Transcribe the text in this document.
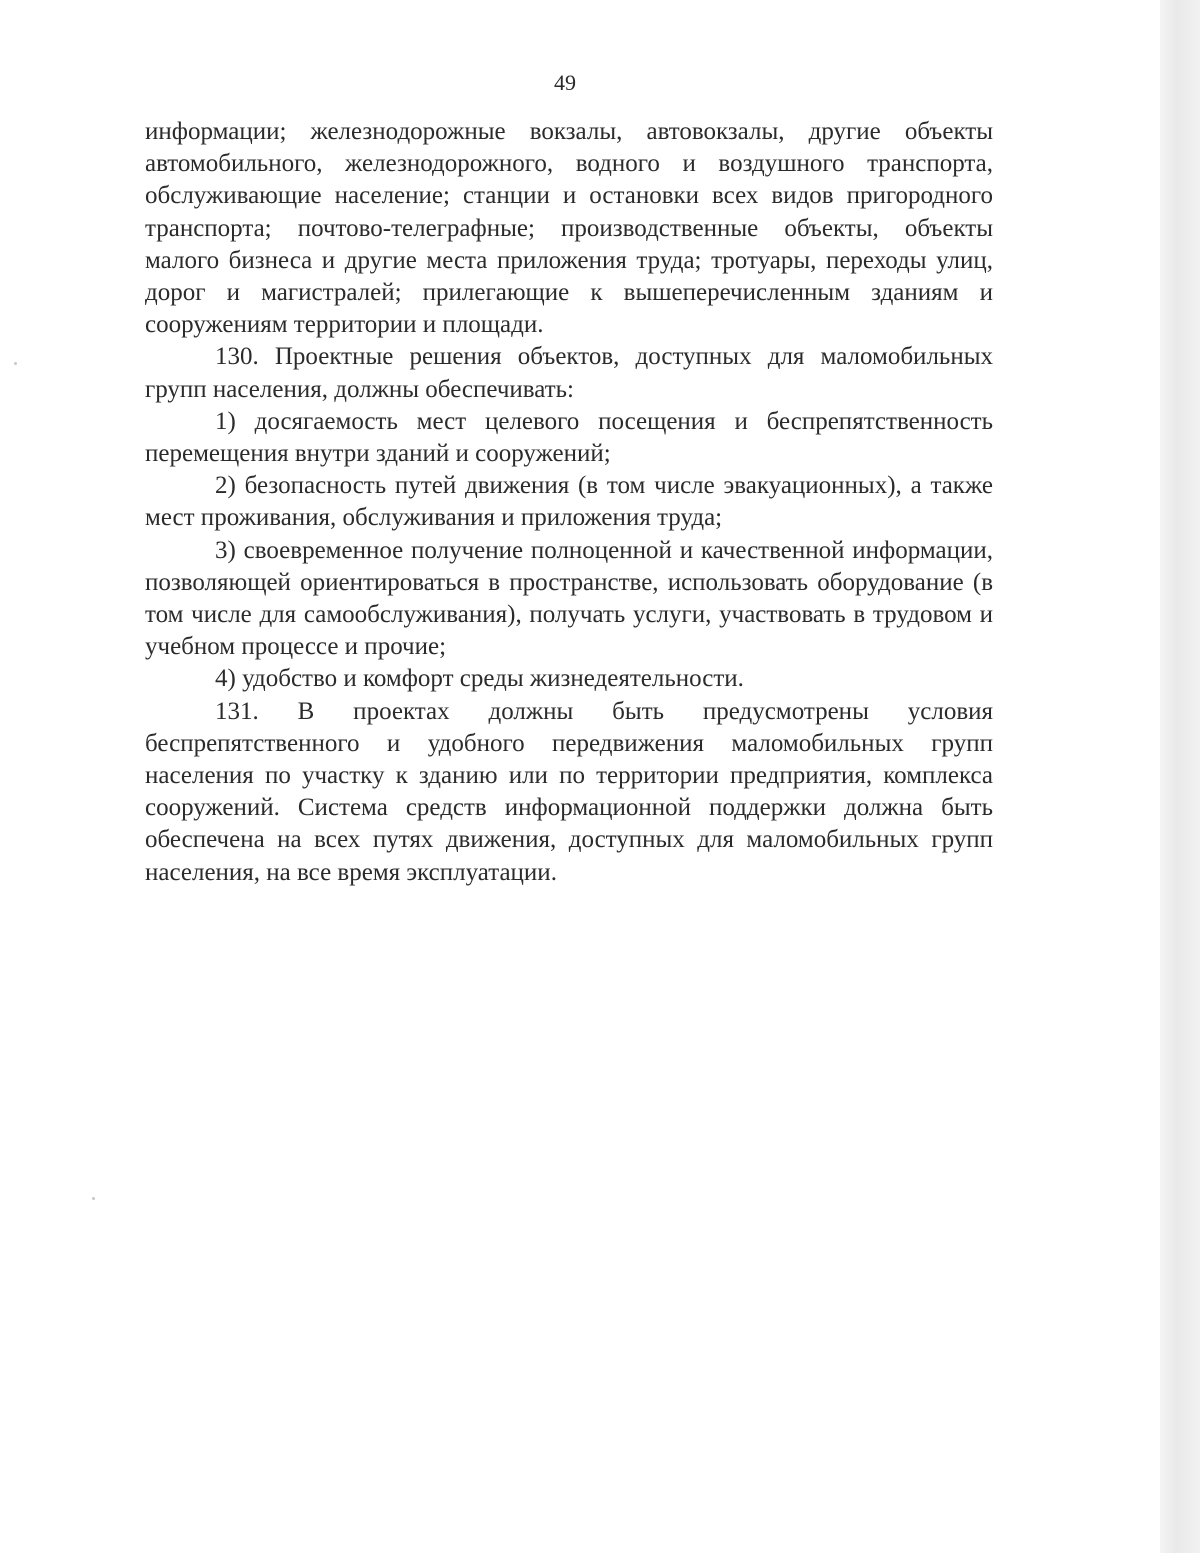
49

информации; железнодорожные вокзалы, автовокзалы, другие объекты автомобильного, железнодорожного, водного и воздушного транспорта, обслуживающие население; станции и остановки всех видов пригородного транспорта; почтово-телеграфные; производственные объекты, объекты малого бизнеса и другие места приложения труда; тротуары, переходы улиц, дорог и магистралей; прилегающие к вышеперечисленным зданиям и сооружениям территории и площади.

130. Проектные решения объектов, доступных для маломобильных групп населения, должны обеспечивать:

1) досягаемость мест целевого посещения и беспрепятственность перемещения внутри зданий и сооружений;

2) безопасность путей движения (в том числе эвакуационных), а также мест проживания, обслуживания и приложения труда;

3) своевременное получение полноценной и качественной информации, позволяющей ориентироваться в пространстве, использовать оборудование (в том числе для самообслуживания), получать услуги, участвовать в трудовом и учебном процессе и прочие;

4) удобство и комфорт среды жизнедеятельности.

131. В проектах должны быть предусмотрены условия беспрепятственного и удобного передвижения маломобильных групп населения по участку к зданию или по территории предприятия, комплекса сооружений. Система средств информационной поддержки должна быть обеспечена на всех путях движения, доступных для маломобильных групп населения, на все время эксплуатации.
